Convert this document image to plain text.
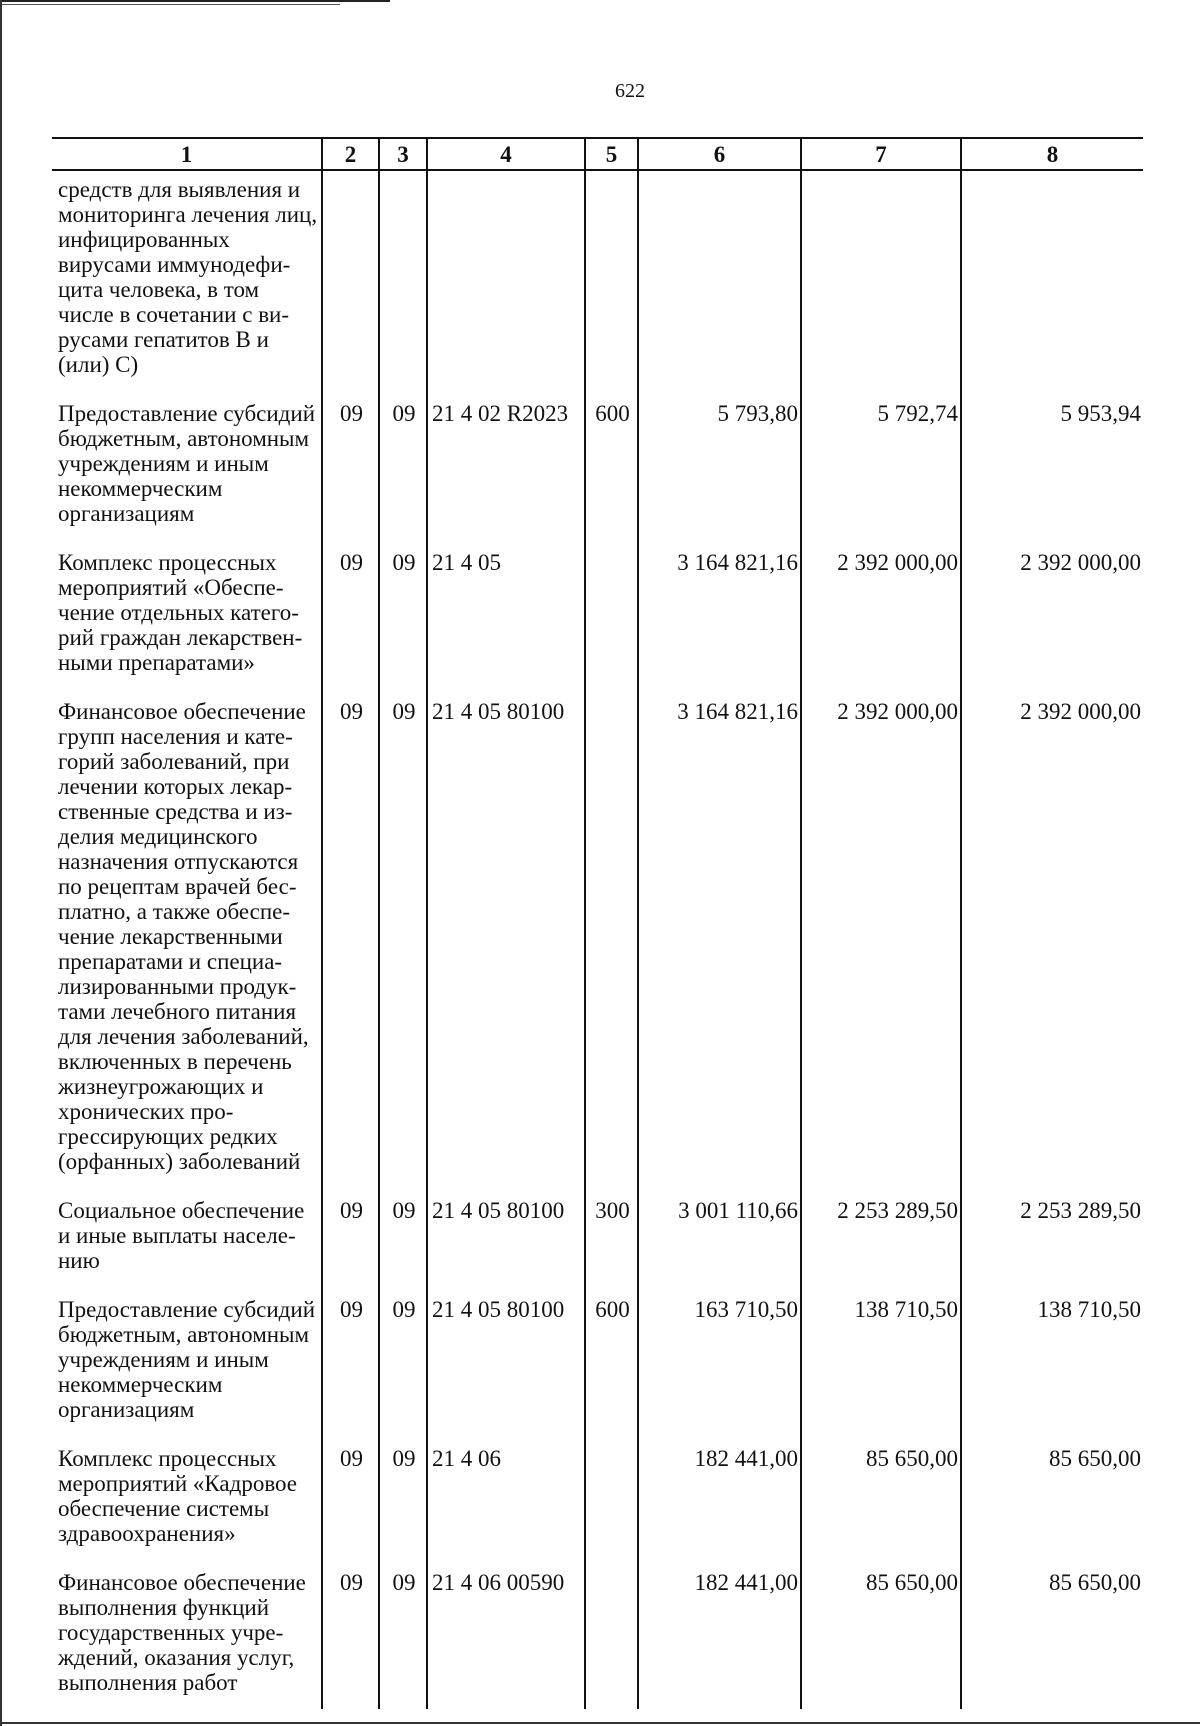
622
1	2	3	4	5	6	7	8
средств для выявления и мониторинга лечения лиц, инфицированных вирусами иммунодефицита человека, в том числе в сочетании с вирусами гепатитов В и (или) С)							
Предоставление субсидий бюджетным, автономным учреждениям и иным некоммерческим организациям	09	09	21 4 02 R2023	600	5 793,80	5 792,74	5 953,94
Комплекс процессных мероприятий «Обеспечение отдельных категорий граждан лекарственными препаратами»	09	09	21 4 05		3 164 821,16	2 392 000,00	2 392 000,00
Финансовое обеспечение групп населения и категорий заболеваний, при лечении которых лекарственные средства и изделия медицинского назначения отпускаются по рецептам врачей бесплатно, а также обеспечение лекарственными препаратами и специализированными продуктами лечебного питания для лечения заболеваний, включенных в перечень жизнеугрожающих и хронических прогрессирующих редких (орфанных) заболеваний	09	09	21 4 05 80100		3 164 821,16	2 392 000,00	2 392 000,00
Социальное обеспечение и иные выплаты населению	09	09	21 4 05 80100	300	3 001 110,66	2 253 289,50	2 253 289,50
Предоставление субсидий бюджетным, автономным учреждениям и иным некоммерческим организациям	09	09	21 4 05 80100	600	163 710,50	138 710,50	138 710,50
Комплекс процессных мероприятий «Кадровое обеспечение системы здравоохранения»	09	09	21 4 06		182 441,00	85 650,00	85 650,00
Финансовое обеспечение выполнения функций государственных учреждений, оказания услуг, выполнения работ	09	09	21 4 06 00590		182 441,00	85 650,00	85 650,00
